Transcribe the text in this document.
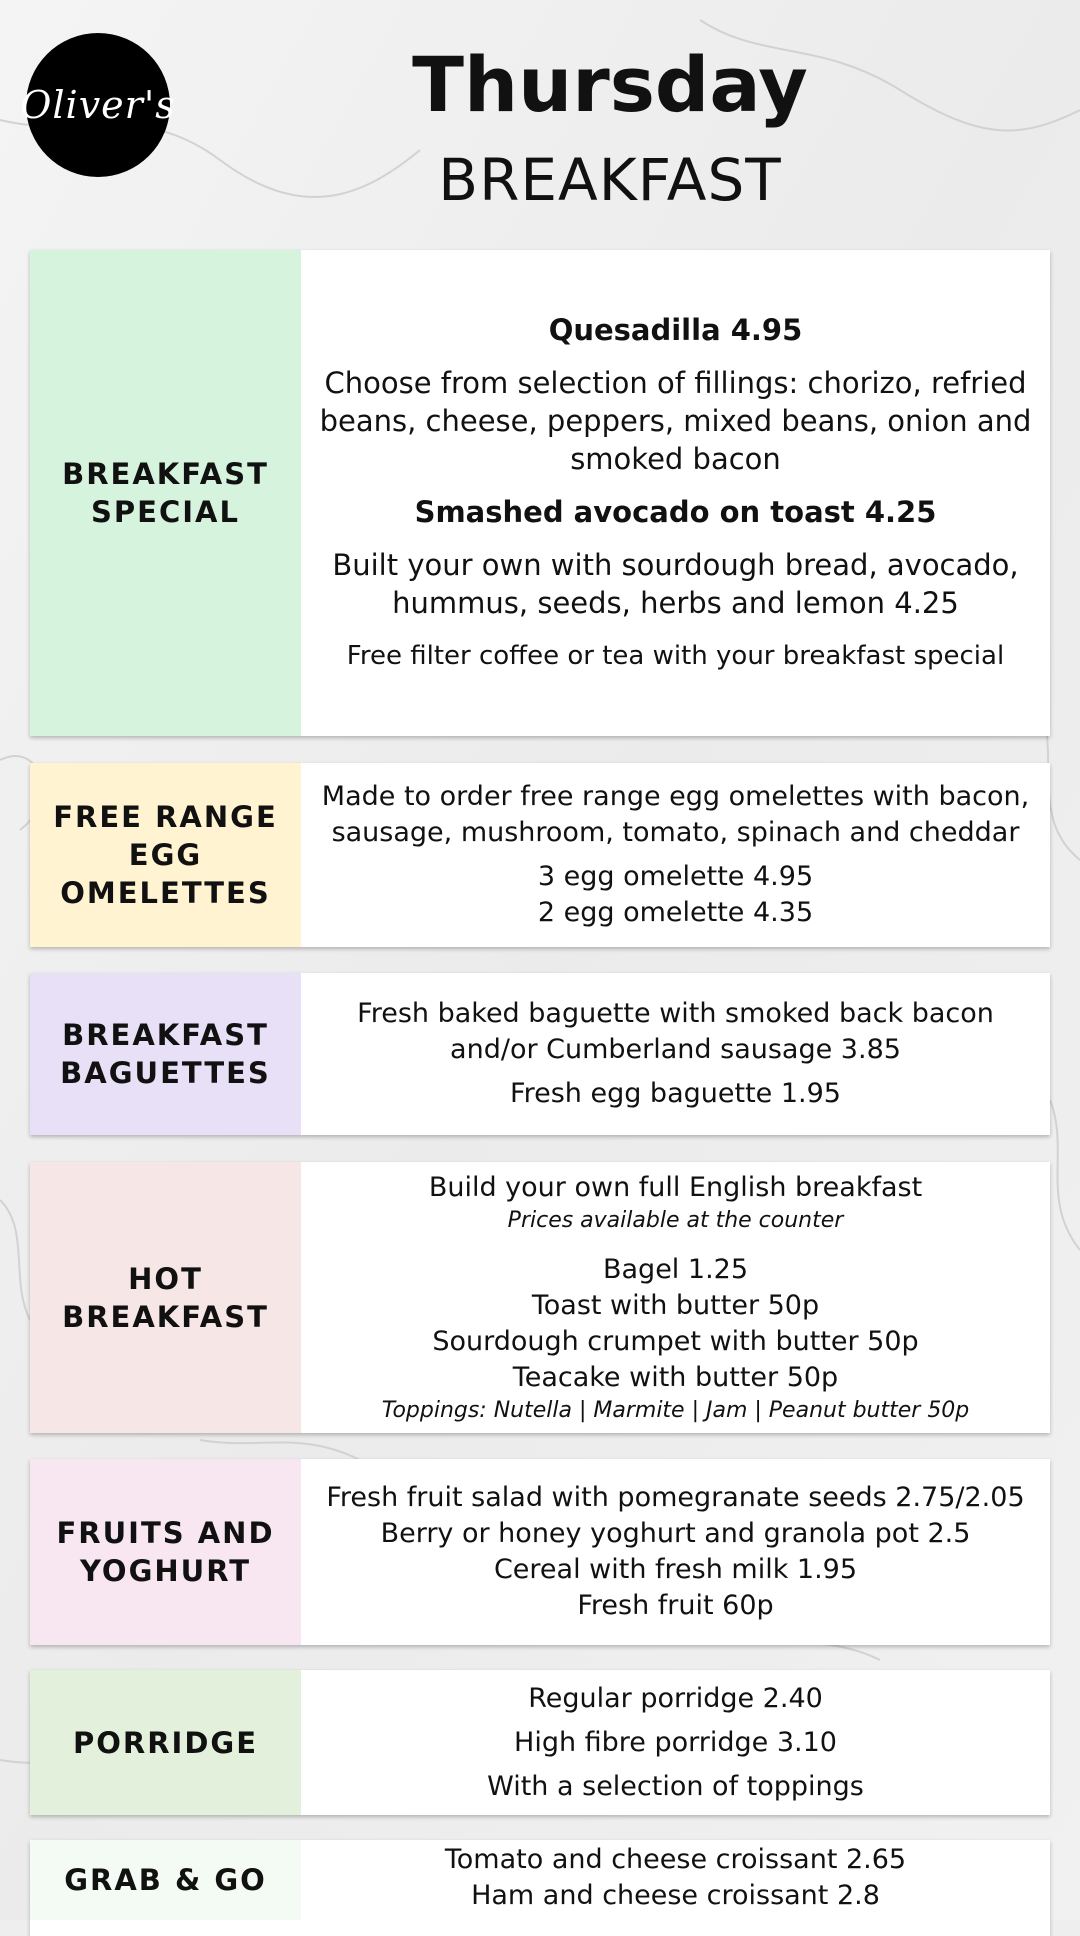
Oliver's	Thursday
BREAKFAST
BREAKFAST SPECIAL

Quesadilla 4.95

Choose from selection of fillings: chorizo, refried beans, cheese, peppers, mixed beans, onion and smoked bacon

Smashed avocado on toast 4.25

Built your own with sourdough bread, avocado, hummus, seeds, herbs and lemon 4.25

Free filter coffee or tea with your breakfast special

FREE RANGE EGG OMELETTES

Made to order free range egg omelettes with bacon, sausage, mushroom, tomato, spinach and cheddar

3 egg omelette 4.95

2 egg omelette 4.35

BREAKFAST BAGUETTES

Fresh baked baguette with smoked back bacon and/or Cumberland sausage 3.85

Fresh egg baguette 1.95

HOT BREAKFAST

Build your own full English breakfast

Prices available at the counter

Bagel 1.25

Toast with butter 50p

Sourdough crumpet with butter 50p

Teacake with butter 50p

Toppings: Nutella | Marmite | Jam | Peanut butter 50p

FRUITS AND YOGHURT

Fresh fruit salad with pomegranate seeds 2.75/2.05

Berry or honey yoghurt and granola pot 2.5

Cereal with fresh milk 1.95

Fresh fruit 60p

PORRIDGE

Regular porridge 2.40

High fibre porridge 3.10

With a selection of toppings

GRAB & GO

Tomato and cheese croissant 2.65

Ham and cheese croissant 2.8
